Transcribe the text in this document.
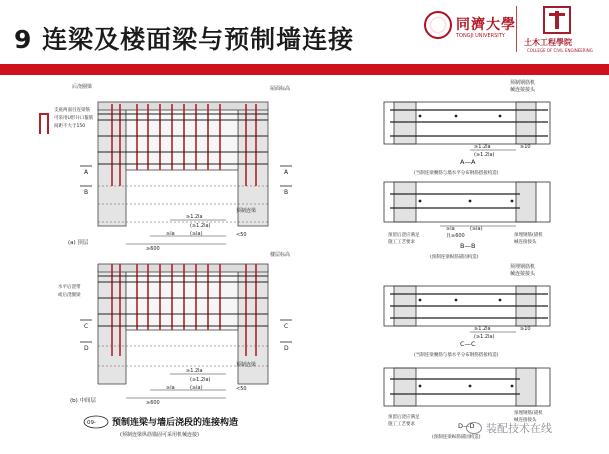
9 连梁及楼面梁与预制墙连接	同濟大學
TONGJI UNIVERSITY
土木工程學院
COLLEGE OF CIVIL ENGINEERING
A
B
A
B
后浇圈梁	屋面标高
支座两面目连梁筋
可采用U形开口箍筋
间距不大于150
预制连梁
≥1.2la
(≥1.2la)
≥la	(≥la)
≥600
<50
(a) 顶层
C
D
C
D
水平后浇带
或后浇圈梁
楼层标高
预制连梁
≥1.2la
(≥1.2la)
≥la	(≥la)
≥600
<50
(b) 中间层
09- 预制连梁与墙后浇段的连接构造
(预制连梁纵筋锚固可采用机械连接)
预制钢筋机
械连接接头
≥1.2la
(≥1.2la)
≥10
A—A
(当制连梁腰筋与墙水平分布钢筋搭接构造)
≥la	(≥la)
且≥600
预留后浇应满足
施工工艺要求
预埋钢筋(锚机
械连接接头
B—B
(预制连梁纵筋锚固构造)
预埋钢筋机
械连接接头
≥1.2la
(≥1.2la)
≥10
C—C
(当制连梁腰筋与墙水平分布钢筋搭接构造)
预留后浇应满足
施工工艺要求
预埋钢筋(锚机
械连接接头
D—D
(预制连梁纵筋锚固构造)
装配技术在线
